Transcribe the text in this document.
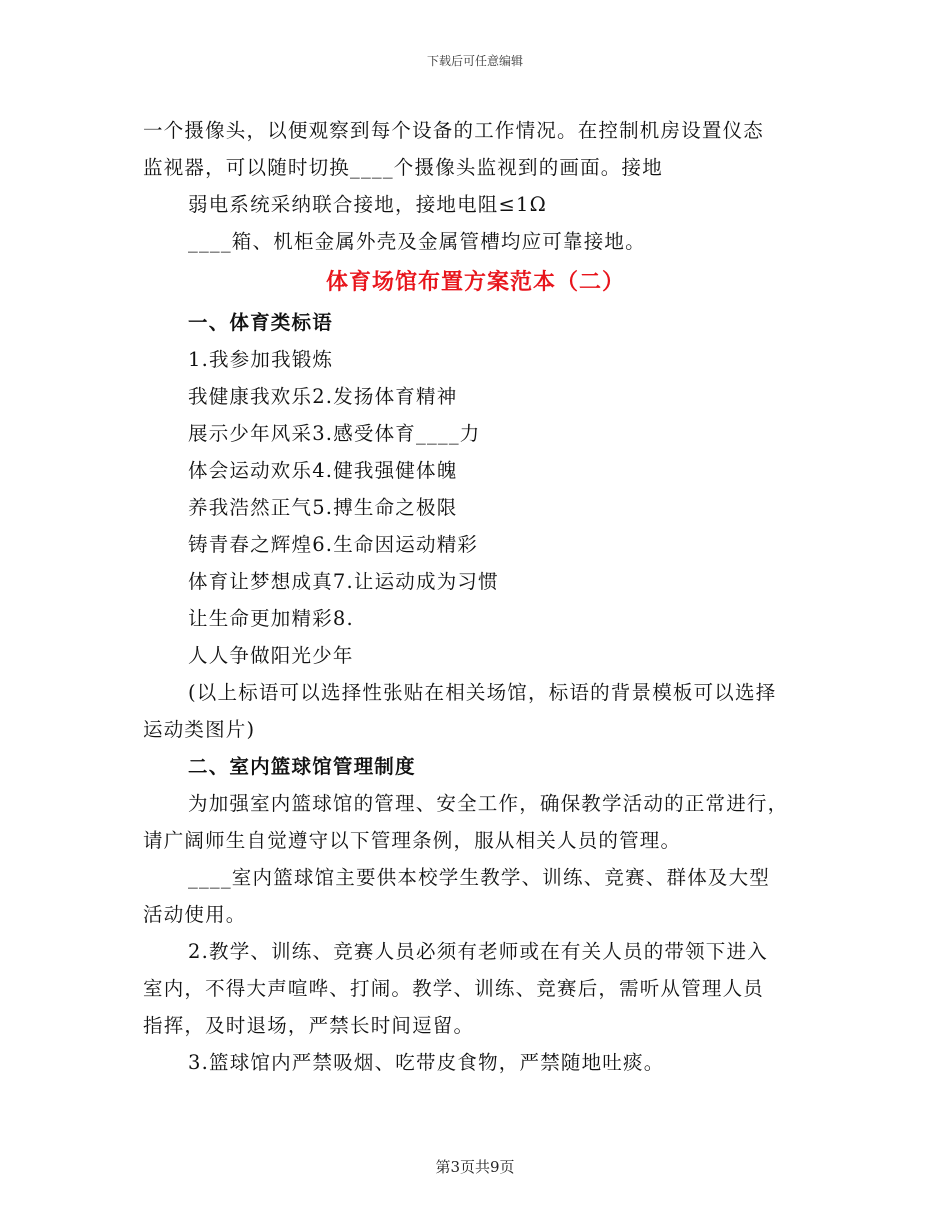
下载后可任意编辑
一个摄像头，以便观察到每个设备的工作情况。在控制机房设置仪态
监视器，可以随时切换____个摄像头监视到的画面。接地
弱电系统采纳联合接地，接地电阻≤1Ω
____箱、机柜金属外壳及金属管槽均应可靠接地。
体育场馆布置方案范本（二）
一、体育类标语
1.我参加我锻炼
我健康我欢乐2.发扬体育精神
展示少年风采3.感受体育____力
体会运动欢乐4.健我强健体魄
养我浩然正气5.搏生命之极限
铸青春之辉煌6.生命因运动精彩
体育让梦想成真7.让运动成为习惯
让生命更加精彩8.
人人争做阳光少年
(以上标语可以选择性张贴在相关场馆，标语的背景模板可以选择
运动类图片)
二、室内篮球馆管理制度
为加强室内篮球馆的管理、安全工作，确保教学活动的正常进行，
请广阔师生自觉遵守以下管理条例，服从相关人员的管理。
____室内篮球馆主要供本校学生教学、训练、竞赛、群体及大型
活动使用。
2.教学、训练、竞赛人员必须有老师或在有关人员的带领下进入
室内，不得大声喧哗、打闹。教学、训练、竞赛后，需听从管理人员
指挥，及时退场，严禁长时间逗留。
3.篮球馆内严禁吸烟、吃带皮食物，严禁随地吐痰。
第3页共9页
